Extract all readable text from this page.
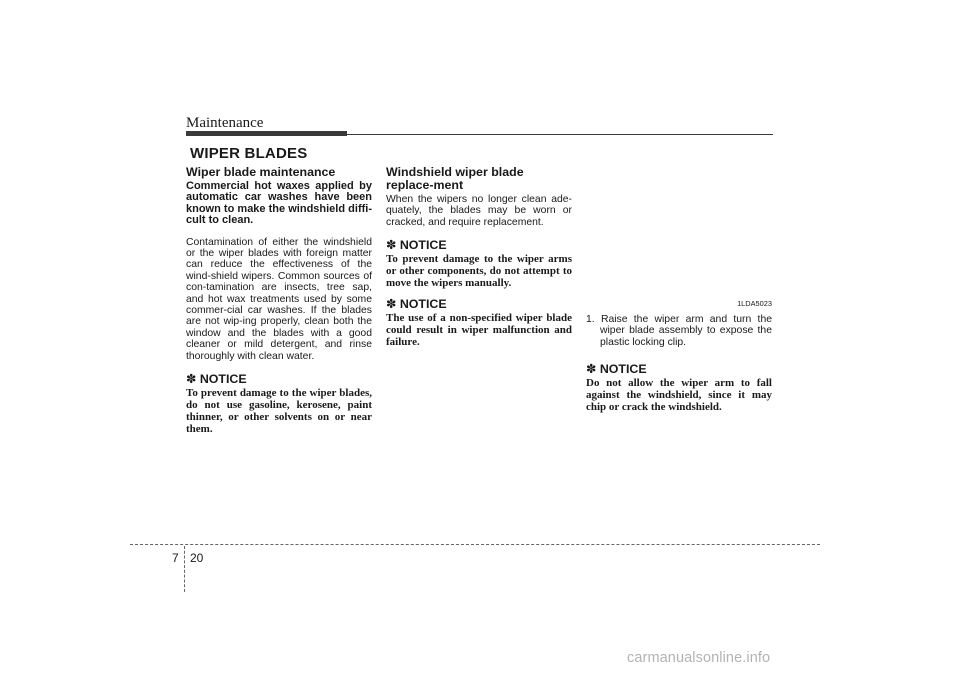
Maintenance
WIPER BLADES
Wiper blade maintenance

Commercial hot waxes applied by automatic car washes have been known to make the windshield diffi-cult to clean.

Contamination of either the windshield or the wiper blades with foreign matter can reduce the effectiveness of the wind-shield wipers. Common sources of con-tamination are insects, tree sap, and hot wax treatments used by some commer-cial car washes. If the blades are not wip-ing properly, clean both the window and the blades with a good cleaner or mild detergent, and rinse thoroughly with clean water.

✽ NOTICE

To prevent damage to the wiper blades, do not use gasoline, kerosene, paint thinner, or other solvents on or near them.

Windshield wiper blade replace-ment

When the wipers no longer clean ade-quately, the blades may be worn or cracked, and require replacement.

✽ NOTICE

To prevent damage to the wiper arms or other components, do not attempt to move the wipers manually.

✽ NOTICE

The use of a non-specified wiper blade could result in wiper malfunction and failure.

1LDA5023

1. Raise the wiper arm and turn the wiper blade assembly to expose the plastic locking clip.

✽ NOTICE

Do not allow the wiper arm to fall against the windshield, since it may chip or crack the windshield.

7 20
carmanualsonline.info
